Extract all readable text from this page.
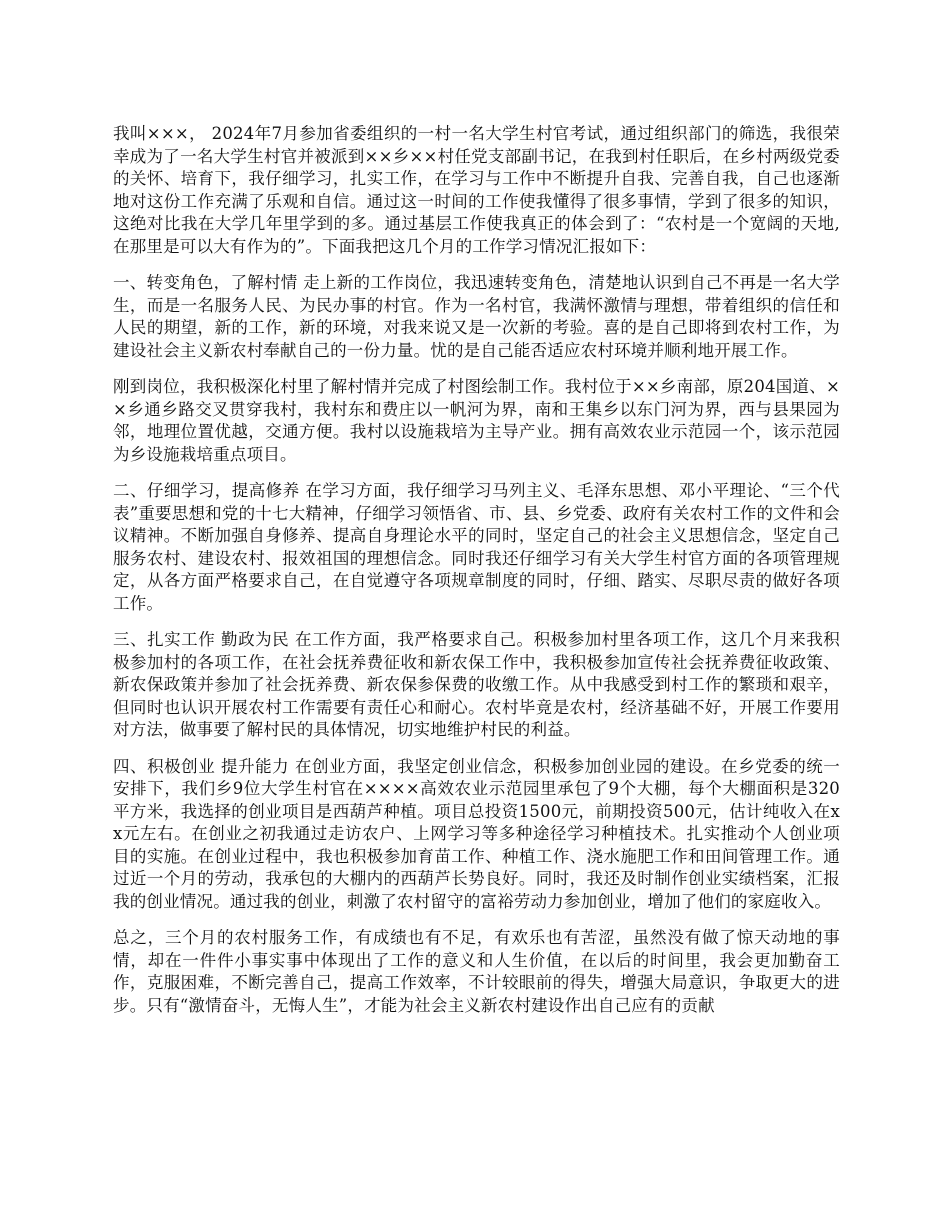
我叫×××， 2024年7月参加省委组织的一村一名大学生村官考试，通过组织部门的筛选，我很荣幸成为了一名大学生村官并被派到××乡××村任党支部副书记，在我到村任职后，在乡村两级党委的关怀、培育下，我仔细学习，扎实工作，在学习与工作中不断提升自我、完善自我，自己也逐渐地对这份工作充满了乐观和自信。通过这一时间的工作使我懂得了很多事情，学到了很多的知识，这绝对比我在大学几年里学到的多。通过基层工作使我真正的体会到了：“农村是一个宽阔的天地,在那里是可以大有作为的”。下面我把这几个月的工作学习情况汇报如下：

一、转变角色，了解村情 走上新的工作岗位，我迅速转变角色，清楚地认识到自己不再是一名大学生，而是一名服务人民、为民办事的村官。作为一名村官，我满怀激情与理想，带着组织的信任和人民的期望，新的工作，新的环境，对我来说又是一次新的考验。喜的是自己即将到农村工作，为建设社会主义新农村奉献自己的一份力量。忧的是自己能否适应农村环境并顺利地开展工作。

刚到岗位，我积极深化村里了解村情并完成了村图绘制工作。我村位于××乡南部，原204国道、××乡通乡路交叉贯穿我村，我村东和费庄以一帆河为界，南和王集乡以东门河为界，西与县果园为邻，地理位置优越，交通方便。我村以设施栽培为主导产业。拥有高效农业示范园一个，该示范园为乡设施栽培重点项目。

二、仔细学习，提高修养 在学习方面，我仔细学习马列主义、毛泽东思想、邓小平理论、“三个代表”重要思想和党的十七大精神，仔细学习领悟省、市、县、乡党委、政府有关农村工作的文件和会议精神。不断加强自身修养、提高自身理论水平的同时，坚定自己的社会主义思想信念，坚定自己服务农村、建设农村、报效祖国的理想信念。同时我还仔细学习有关大学生村官方面的各项管理规定，从各方面严格要求自己，在自觉遵守各项规章制度的同时，仔细、踏实、尽职尽责的做好各项工作。

三、扎实工作 勤政为民 在工作方面，我严格要求自己。积极参加村里各项工作，这几个月来我积极参加村的各项工作，在社会抚养费征收和新农保工作中，我积极参加宣传社会抚养费征收政策、新农保政策并参加了社会抚养费、新农保参保费的收缴工作。从中我感受到村工作的繁琐和艰辛，但同时也认识开展农村工作需要有责任心和耐心。农村毕竟是农村，经济基础不好，开展工作要用对方法，做事要了解村民的具体情况，切实地维护村民的利益。

四、积极创业 提升能力 在创业方面，我坚定创业信念，积极参加创业园的建设。在乡党委的统一安排下，我们乡9位大学生村官在××××高效农业示范园里承包了9个大棚，每个大棚面积是320平方米，我选择的创业项目是西葫芦种植。项目总投资1500元，前期投资500元，估计纯收入在xx元左右。在创业之初我通过走访农户、上网学习等多种途径学习种植技术。扎实推动个人创业项目的实施。在创业过程中，我也积极参加育苗工作、种植工作、浇水施肥工作和田间管理工作。通过近一个月的劳动，我承包的大棚内的西葫芦长势良好。同时，我还及时制作创业实绩档案，汇报我的创业情况。通过我的创业，刺激了农村留守的富裕劳动力参加创业，增加了他们的家庭收入。

总之，三个月的农村服务工作，有成绩也有不足，有欢乐也有苦涩，虽然没有做了惊天动地的事情，却在一件件小事实事中体现出了工作的意义和人生价值，在以后的时间里，我会更加勤奋工作，克服困难，不断完善自己，提高工作效率，不计较眼前的得失，增强大局意识，争取更大的进步。只有“激情奋斗，无悔人生”，才能为社会主义新农村建设作出自己应有的贡献
